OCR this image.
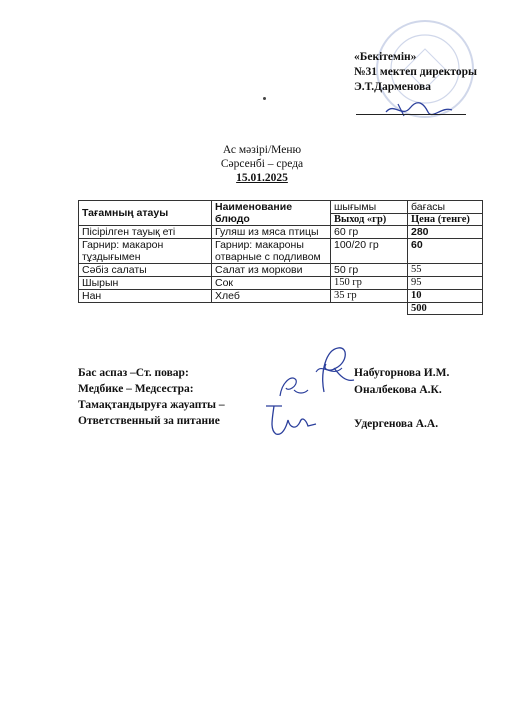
«Бекітемін»
№31 мектеп директоры
Э.Т.Дарменова
Ас мәзірі/Меню
Сәрсенбі – среда
15.01.2025
Тағамның атауы	Наименование блюдо	шығымы	бағасы
		Выход «гр)	Цена (тенге)
Пісірілген тауық еті	Гуляш из мяса птицы	60 гр	280
Гарнир: макарон тұздығымен	Гарнир: макароны отварные с подливом	100/20 гр	60
Сәбіз салаты	Салат из моркови	50 гр	55
Шырын	Сок	150 гр	95
Нан	Хлеб	35 гр	10
			500
Бас аспаз –Ст. повар:
Медбике – Медсестра:
Тамақтандыруға жауапты –
Ответственный за питание
Набугорнова И.М.
Оналбекова А.К.
Удергенова А.А.
